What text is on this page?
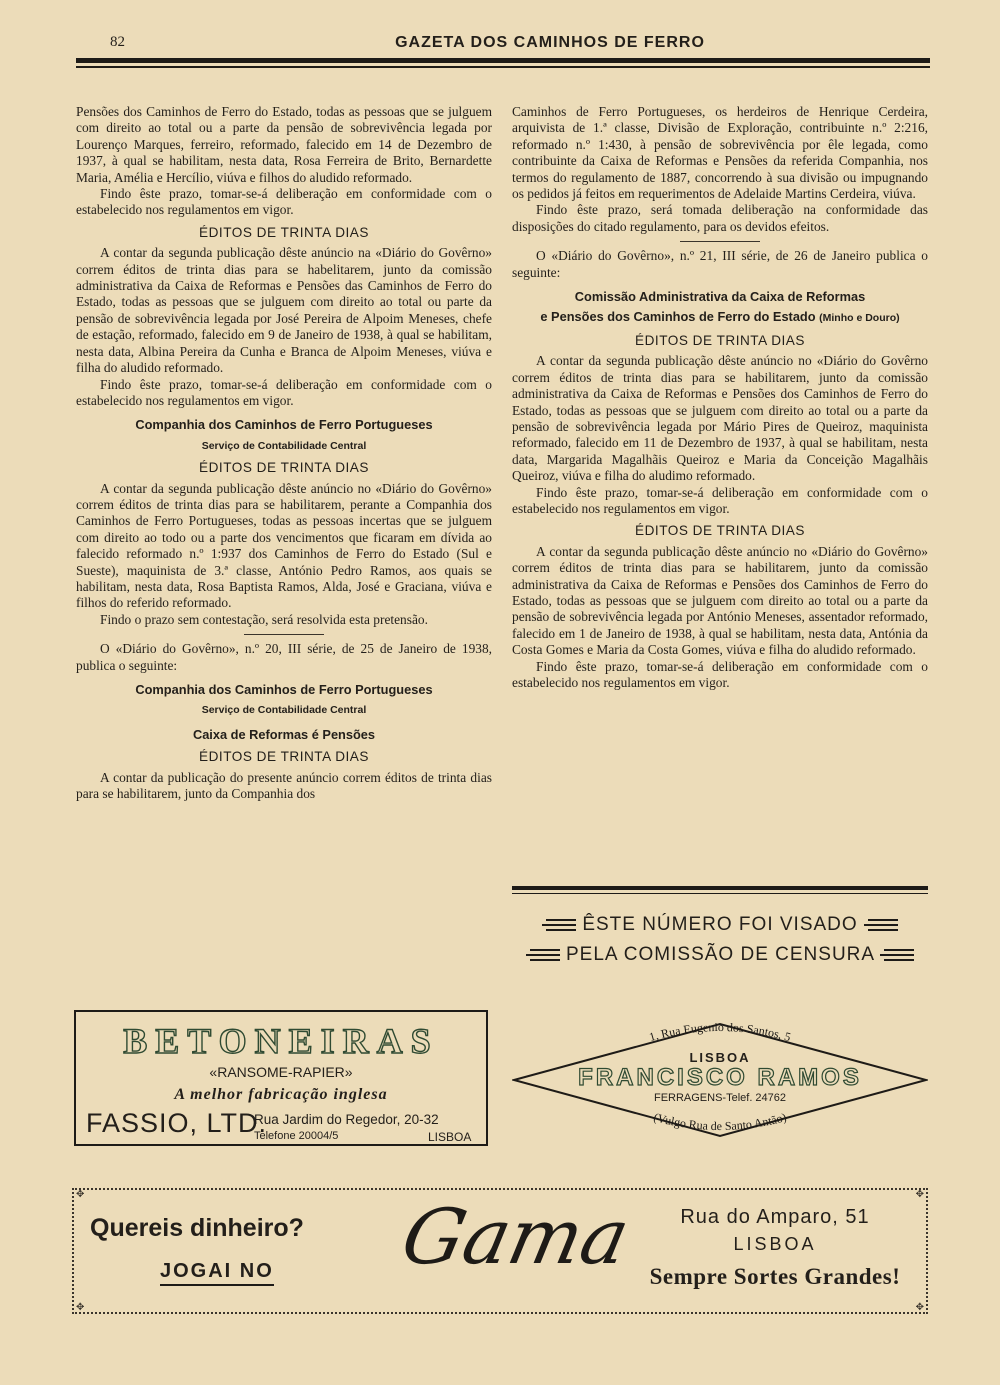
82	GAZETA DOS CAMINHOS DE FERRO

Pensões dos Caminhos de Ferro do Estado, todas as pessoas que se julguem com direito ao total ou a parte da pensão de sobrevivência legada por Lourenço Marques, ferreiro, reformado, falecido em 14 de Dezembro de 1937, à qual se habilitam, nesta data, Rosa Ferreira de Brito, Bernardette Maria, Amélia e Hercílio, viúva e filhos do aludido reformado.

Findo êste prazo, tomar-se-á deliberação em conformidade com o estabelecido nos regulamentos em vigor.

ÉDITOS DE TRINTA DIAS

A contar da segunda publicação dêste anúncio na «Diário do Govêrno» correm éditos de trinta dias para se habelitarem, junto da comissão administrativa da Caixa de Reformas e Pensões das Caminhos de Ferro do Estado, todas as pessoas que se julguem com direito ao total ou parte da pensão de sobrevivência legada por José Pereira de Alpoim Meneses, chefe de estação, reformado, falecido em 9 de Janeiro de 1938, à qual se habilitam, nesta data, Albina Pereira da Cunha e Branca de Alpoim Meneses, viúva e filha do aludido reformado.

Findo êste prazo, tomar-se-á deliberação em conformidade com o estabelecido nos regulamentos em vigor.

Companhia dos Caminhos de Ferro Portugueses
Serviço de Contabilidade Central
ÉDITOS DE TRINTA DIAS

A contar da segunda publicação dêste anúncio no «Diário do Govêrno» correm éditos de trinta dias para se habilitarem, perante a Companhia dos Caminhos de Ferro Portugueses, todas as pessoas incertas que se julguem com direito ao todo ou a parte dos vencimentos que ficaram em dívida ao falecido reformado n.º 1:937 dos Caminhos de Ferro do Estado (Sul e Sueste), maquinista de 3.ª classe, António Pedro Ramos, aos quais se habilitam, nesta data, Rosa Baptista Ramos, Alda, José e Graciana, viúva e filhos do referido reformado.

Findo o prazo sem contestação, será resolvida esta pretensão.

O «Diário do Govêrno», n.º 20, III série, de 25 de Janeiro de 1938, publica o seguinte:

Companhia dos Caminhos de Ferro Portugueses
Serviço de Contabilidade Central
Caixa de Reformas é Pensões
ÉDITOS DE TRINTA DIAS

A contar da publicação do presente anúncio correm éditos de trinta dias para se habilitarem, junto da Companhia dos

Caminhos de Ferro Portugueses, os herdeiros de Henrique Cerdeira, arquivista de 1.ª classe, Divisão de Exploração, contribuinte n.º 2:216, reformado n.º 1:430, à pensão de sobrevivência por êle legada, como contribuinte da Caixa de Reformas e Pensões da referida Companhia, nos termos do regulamento de 1887, concorrendo à sua divisão ou impugnando os pedidos já feitos em requerimentos de Adelaide Martins Cerdeira, viúva.

Findo êste prazo, será tomada deliberação na conformidade das disposições do citado regulamento, para os devidos efeitos.

O «Diário do Govêrno», n.º 21, III série, de 26 de Janeiro publica o seguinte:

Comissão Administrativa da Caixa de Reformas
e Pensões dos Caminhos de Ferro do Estado (Minho e Douro)
ÉDITOS DE TRINTA DIAS

A contar da segunda publicação dêste anúncio no «Diário do Govêrno correm éditos de trinta dias para se habilitarem, junto da comissão administrativa da Caixa de Reformas e Pensões dos Caminhos de Ferro do Estado, todas as pessoas que se julguem com direito ao total ou a parte da pensão de sobrevivência legada por Mário Pires de Queiroz, maquinista reformado, falecido em 11 de Dezembro de 1937, à qual se habilitam, nesta data, Margarida Magalhãis Queiroz e Maria da Conceição Magalhãis Queiroz, viúva e filha do aludimo reformado.

Findo êste prazo, tomar-se-á deliberação em conformidade com o estabelecido nos regulamentos em vigor.

ÉDITOS DE TRINTA DIAS

A contar da segunda publicação dêste anúncio no «Diário do Govêrno» correm éditos de trinta dias para se habilitarem, junto da comissão administrativa da Caixa de Reformas e Pensões dos Caminhos de Ferro do Estado, todas as pessoas que se julguem com direito ao total ou a parte da pensão de sobrevivência legada por António Meneses, assentador reformado, falecido em 1 de Janeiro de 1938, à qual se habilitam, nesta data, Antónia da Costa Gomes e Maria da Costa Gomes, viúva e filha do aludido reformado.

Findo êste prazo, tomar-se-á deliberação em conformidade com o estabelecido nos regulamentos em vigor.

ÊSTE NÚMERO FOI VISADO
PELA COMISSÃO DE CENSURA
BETONEIRAS
«RANSOME-RAPIER»
A melhor fabricação inglesa
FASSIO, LTD.
Rua Jardim do Regedor, 20-32
Telefone 20004/5	LISBOA
1, Rua Eugenio dos Santos, 5
(Vulgo Rua de Santo Antão)
LISBOA
FRANCISCO RAMOS
FERRAGENS-Telef. 24762
✥	✥
✥	✥
Quereis dinheiro?
JOGAI NO Gama	Rua do Amparo, 51
LISBOA
Sempre Sortes Grandes!
